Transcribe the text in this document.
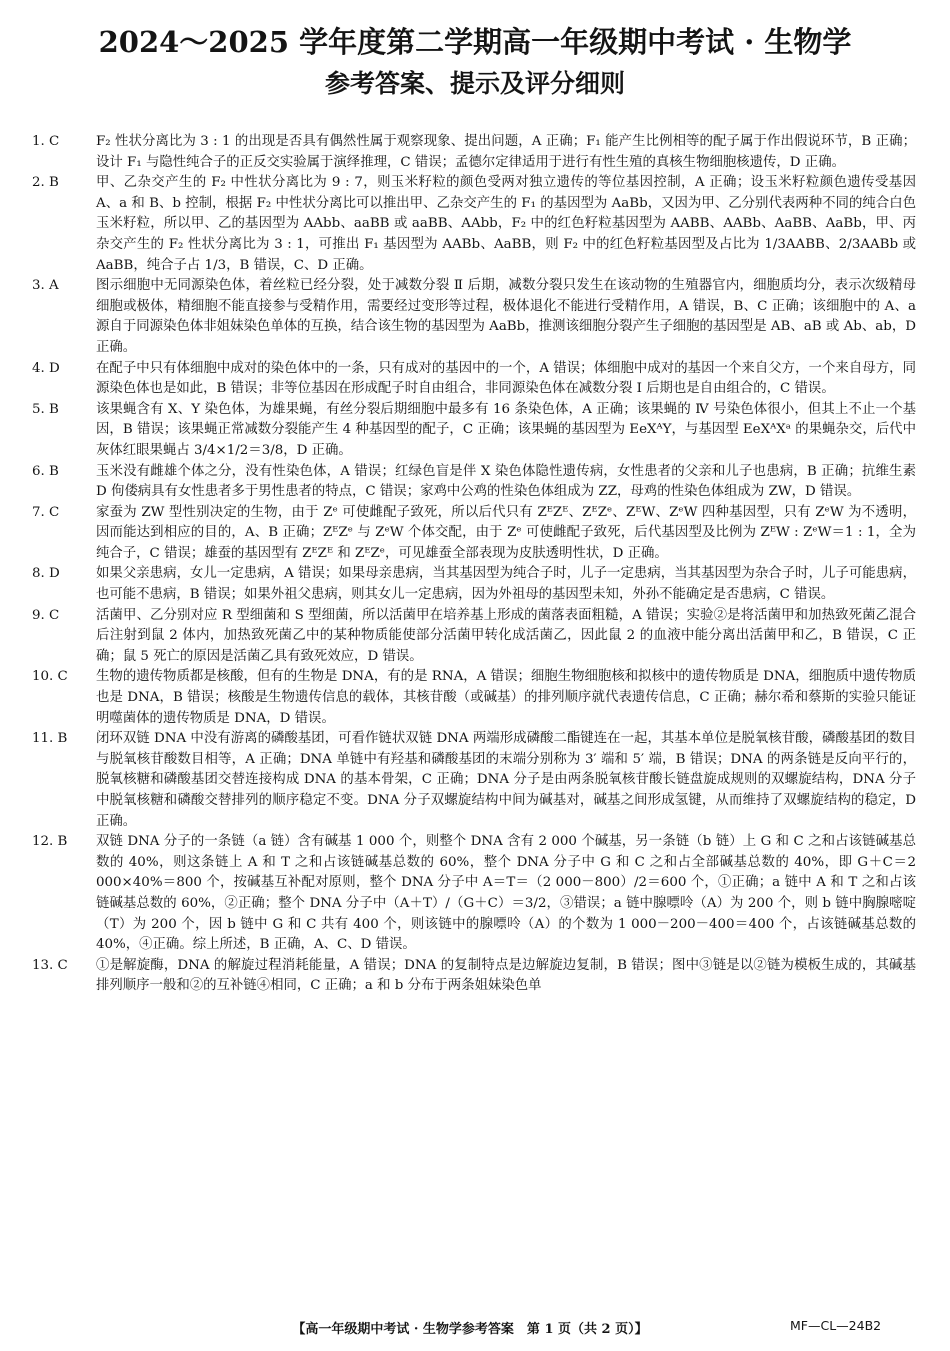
2024～2025 学年度第二学期高一年级期中考试 · 生物学
参考答案、提示及评分细则
1. C	F₂ 性状分离比为 3 : 1 的出现是否具有偶然性属于观察现象、提出问题，A 正确；F₁ 能产生比例相等的配子属于作出假说环节，B 正确；设计 F₁ 与隐性纯合子的正反交实验属于演绎推理，C 错误；孟德尔定律适用于进行有性生殖的真核生物细胞核遗传，D 正确。
2. B	甲、乙杂交产生的 F₂ 中性状分离比为 9 : 7，则玉米籽粒的颜色受两对独立遗传的等位基因控制，A 正确；设玉米籽粒颜色遗传受基因 A、a 和 B、b 控制，根据 F₂ 中性状分离比可以推出甲、乙杂交产生的 F₁ 的基因型为 AaBb，又因为甲、乙分别代表两种不同的纯合白色玉米籽粒，所以甲、乙的基因型为 AAbb、aaBB 或 aaBB、AAbb，F₂ 中的红色籽粒基因型为 AABB、AABb、AaBB、AaBb，甲、丙杂交产生的 F₂ 性状分离比为 3 : 1，可推出 F₁ 基因型为 AABb、AaBB，则 F₂ 中的红色籽粒基因型及占比为 1/3AABB、2/3AABb 或 AaBB，纯合子占 1/3，B 错误，C、D 正确。
3. A	图示细胞中无同源染色体，着丝粒已经分裂，处于减数分裂 Ⅱ 后期，减数分裂只发生在该动物的生殖器官内，细胞质均分，表示次级精母细胞或极体，精细胞不能直接参与受精作用，需要经过变形等过程，极体退化不能进行受精作用，A 错误，B、C 正确；该细胞中的 A、a 源自于同源染色体非姐妹染色单体的互换，结合该生物的基因型为 AaBb，推测该细胞分裂产生子细胞的基因型是 AB、aB 或 Ab、ab，D 正确。
4. D	在配子中只有体细胞中成对的染色体中的一条，只有成对的基因中的一个，A 错误；体细胞中成对的基因一个来自父方，一个来自母方，同源染色体也是如此，B 错误；非等位基因在形成配子时自由组合，非同源染色体在减数分裂 Ⅰ 后期也是自由组合的，C 错误。
5. B	该果蝇含有 X、Y 染色体，为雄果蝇，有丝分裂后期细胞中最多有 16 条染色体，A 正确；该果蝇的 Ⅳ 号染色体很小，但其上不止一个基因，B 错误；该果蝇正常减数分裂能产生 4 种基因型的配子，C 正确；该果蝇的基因型为 EeXᴬY，与基因型 EeXᴬXᵃ 的果蝇杂交，后代中灰体红眼果蝇占 3/4×1/2＝3/8，D 正确。
6. B	玉米没有雌雄个体之分，没有性染色体，A 错误；红绿色盲是伴 X 染色体隐性遗传病，女性患者的父亲和儿子也患病，B 正确；抗维生素 D 佝偻病具有女性患者多于男性患者的特点，C 错误；家鸡中公鸡的性染色体组成为 ZZ，母鸡的性染色体组成为 ZW，D 错误。
7. C	家蚕为 ZW 型性别决定的生物，由于 Zᵉ 可使雌配子致死，所以后代只有 ZᴱZᴱ、ZᴱZᵉ、ZᴱW、ZᵉW 四种基因型，只有 ZᵉW 为不透明，因而能达到相应的目的，A、B 正确；ZᴱZᵉ 与 ZᵉW 个体交配，由于 Zᵉ 可使雌配子致死，后代基因型及比例为 ZᴱW : ZᵉW＝1 : 1，全为纯合子，C 错误；雄蚕的基因型有 ZᴱZᴱ 和 ZᴱZᵉ，可见雄蚕全部表现为皮肤透明性状，D 正确。
8. D	如果父亲患病，女儿一定患病，A 错误；如果母亲患病，当其基因型为纯合子时，儿子一定患病，当其基因型为杂合子时，儿子可能患病，也可能不患病，B 错误；如果外祖父患病，则其女儿一定患病，因为外祖母的基因型未知，外孙不能确定是否患病，C 错误。
9. C	活菌甲、乙分别对应 R 型细菌和 S 型细菌，所以活菌甲在培养基上形成的菌落表面粗糙，A 错误；实验②是将活菌甲和加热致死菌乙混合后注射到鼠 2 体内，加热致死菌乙中的某种物质能使部分活菌甲转化成活菌乙，因此鼠 2 的血液中能分离出活菌甲和乙，B 错误，C 正确；鼠 5 死亡的原因是活菌乙具有致死效应，D 错误。
10. C	生物的遗传物质都是核酸，但有的生物是 DNA，有的是 RNA，A 错误；细胞生物细胞核和拟核中的遗传物质是 DNA，细胞质中遗传物质也是 DNA，B 错误；核酸是生物遗传信息的载体，其核苷酸（或碱基）的排列顺序就代表遗传信息，C 正确；赫尔希和蔡斯的实验只能证明噬菌体的遗传物质是 DNA，D 错误。
11. B	闭环双链 DNA 中没有游离的磷酸基团，可看作链状双链 DNA 两端形成磷酸二酯键连在一起，其基本单位是脱氧核苷酸，磷酸基团的数目与脱氧核苷酸数目相等，A 正确；DNA 单链中有羟基和磷酸基团的末端分别称为 3′ 端和 5′ 端，B 错误；DNA 的两条链是反向平行的，脱氧核糖和磷酸基团交替连接构成 DNA 的基本骨架，C 正确；DNA 分子是由两条脱氧核苷酸长链盘旋成规则的双螺旋结构，DNA 分子中脱氧核糖和磷酸交替排列的顺序稳定不变。DNA 分子双螺旋结构中间为碱基对，碱基之间形成氢键，从而维持了双螺旋结构的稳定，D 正确。
12. B	双链 DNA 分子的一条链（a 链）含有碱基 1 000 个，则整个 DNA 含有 2 000 个碱基，另一条链（b 链）上 G 和 C 之和占该链碱基总数的 40%，则这条链上 A 和 T 之和占该链碱基总数的 60%，整个 DNA 分子中 G 和 C 之和占全部碱基总数的 40%，即 G＋C＝2 000×40%＝800 个，按碱基互补配对原则，整个 DNA 分子中 A＝T＝（2 000－800）/2＝600 个，①正确；a 链中 A 和 T 之和占该链碱基总数的 60%，②正确；整个 DNA 分子中（A＋T）/（G＋C）＝3/2，③错误；a 链中腺嘌呤（A）为 200 个，则 b 链中胸腺嘧啶（T）为 200 个，因 b 链中 G 和 C 共有 400 个，则该链中的腺嘌呤（A）的个数为 1 000－200－400＝400 个，占该链碱基总数的 40%，④正确。综上所述，B 正确，A、C、D 错误。
13. C	①是解旋酶，DNA 的解旋过程消耗能量，A 错误；DNA 的复制特点是边解旋边复制，B 错误；图中③链是以②链为模板生成的，其碱基排列顺序一般和②的互补链④相同，C 正确；a 和 b 分布于两条姐妹染色单
【高一年级期中考试 · 生物学参考答案　第 1 页（共 2 页）】	MF—CL—24B2
